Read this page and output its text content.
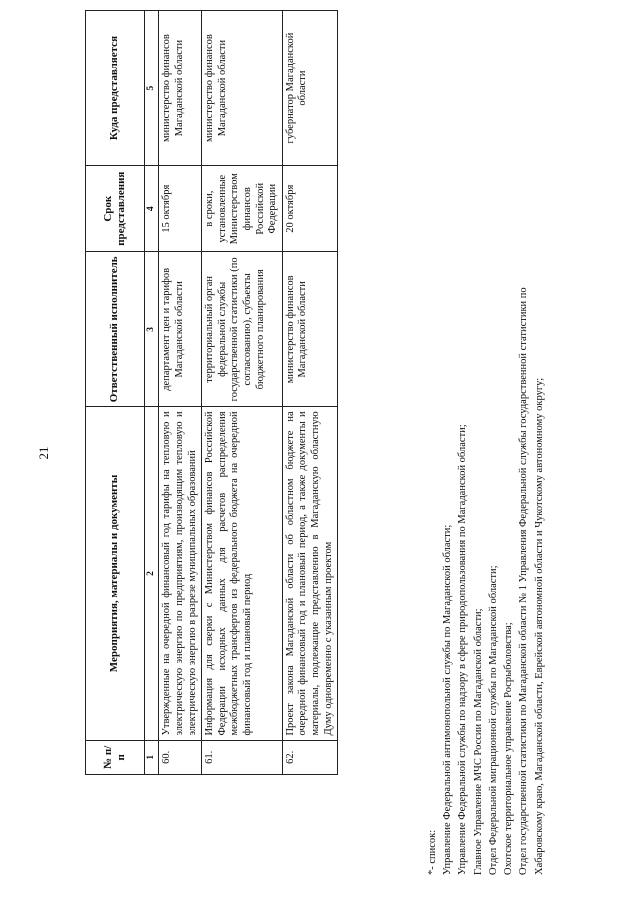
21
№ п/п	Мероприятия, материалы и документы	Ответственный исполнитель	Срок представления	Куда представляется
1	2	3	4	5
60.	Утвержденные на очередной финансовый год тарифы на тепловую и электрическую энергию по предприятиям, производящим тепловую и электрическую энергию в разрезе муниципальных образований	департамент цен и тарифов Магаданской области	15 октября	министерство финансов Магаданской области
61.	Информация для сверки с Министерством финансов Российской Федерации исходных данных для расчетов распределения межбюджетных трансфертов из федерального бюджета на очередной финансовый год и плановый период	территориальный орган федеральной службы государственной статистики (по согласованию), субъекты бюджетного планирования	в сроки, установленные Министерством финансов Российской Федерации	министерство финансов Магаданской области
62.	Проект закона Магаданской области об областном бюджете на очередной финансовый год и плановый период, а также документы и материалы, подлежащие представлению в Магаданскую областную Думу одновременно с указанным проектом	министерство финансов Магаданской области	20 октября	губернатор Магаданской области
*- список: Управление Федеральной антимонопольной службы по Магаданской области; Управление Федеральной службы по надзору в сфере природопользования по Магаданской области; Главное Управление МЧС России по Магаданской области; Отдел Федеральной миграционной службы по Магаданской области; Охотское территориальное управление Росрыболовства; Отдел государственной статистики по Магаданской области № 1 Управления Федеральной службы государственной статистики по Хабаровскому краю, Магаданской области, Еврейской автономной области и Чукотскому автономному округу;
